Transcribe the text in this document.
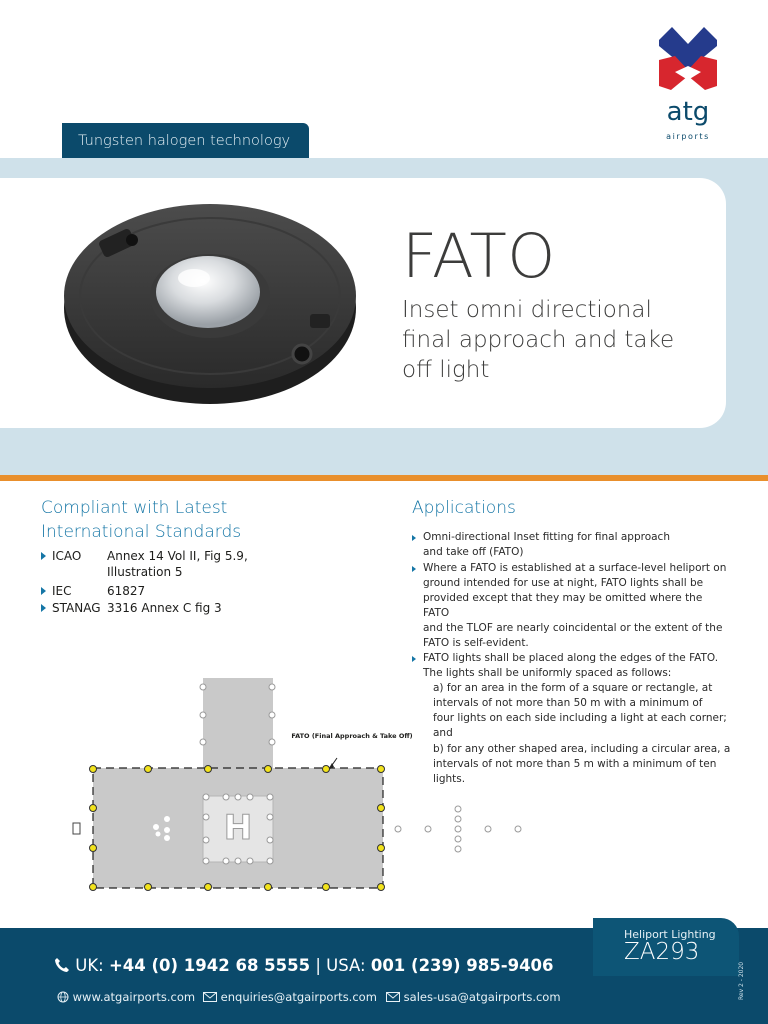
atg
airports
Tungsten halogen technology
FATO
Inset omni directional
final approach and take
off light
Compliant with Latest
International Standards
ICAO Annex 14 Vol II, Fig 5.9,
Illustration 5
IEC	61827
STANAG 3316 Annex C fig 3
Applications
Omni-directional Inset fitting for final approach
and take off (FATO)
Where a FATO is established at a surface-level heliport on
ground intended for use at night, FATO lights shall be
provided except that they may be omitted where the
FATO
and the TLOF are nearly coincidental or the extent of the
FATO is self-evident.
FATO lights shall be placed along the edges of the FATO.
The lights shall be uniformly spaced as follows:
a) for an area in the form of a square or rectangle, at
intervals of not more than 50 m with a minimum of
four lights on each side including a light at each corner;
and
b) for any other shaped area, including a circular area, a
intervals of not more than 5 m with a minimum of ten
lights.
H
FATO (Final Approach & Take Off)
Heliport Lighting
ZA293
UK: +44 (0) 1942 68 5555 | USA: 001 (239) 985-9406
www.atgairports.com	enquiries@atgairports.com	sales-usa@atgairports.com	Rev 2 - 2020
